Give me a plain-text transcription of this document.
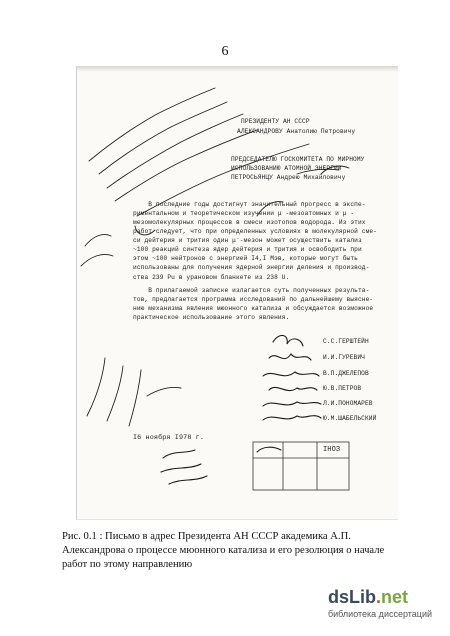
6
ПРЕЗИДЕНТУ АН СССР
АЛЕКСАНДРОВУ Анатолию Петровичу
ПРЕДСЕДАТЕЛЮ ГОСКОМИТЕТА ПО МИРНОМУ
ИСПОЛЬЗОВАНИЮ АТОМНОЙ ЭНЕРГИИ
ПЕТРОСЬЯНЦУ Андрею Михайловичу
В последние годы достигнут значительный прогресс в экспе-
риментальном и теоретическом изучении μ -мезоатомных и μ -
мезомолекулярных процессов в смеси изотопов водорода. Из этих
работ следует, что при определенных условиях в молекулярной сме-
си дейтерия и трития один μ⁻-мезон может осуществить катализ
~100 реакций синтеза ядер дейтерия и трития и освободить при
этом ~100 нейтронов с энергией I4,I Мэв, которые могут быть
использованы для получения ядерной энергии деления и производ-
ства 239 Pu в урановом бланкете из 238 U.
В прилагаемой записке излагается суть полученных результа-
тов, предлагается программа исследований по дальнейшему выясне-
нию механизма явления мюонного катализа и обсуждается возможное
практическое использование этого явления.
С.С.ГЕРШТЕЙН
И.И.ГУРЕВИЧ
В.П.ДЖЕЛЕПОВ
Ю.В.ПЕТРОВ
Л.И.ПОНОМАРЕВ
Ю.М.ШАБЕЛЬСКИЙ
I6 ноября I978 г.
IНОЗ
Рис. 0.1 : Письмо в адрес Президента АН СССР академика А.П. Александрова о процессе мюонного катализа и его резолюция о начале работ по этому направлению
dsLib.net
библиотека диссертаций
